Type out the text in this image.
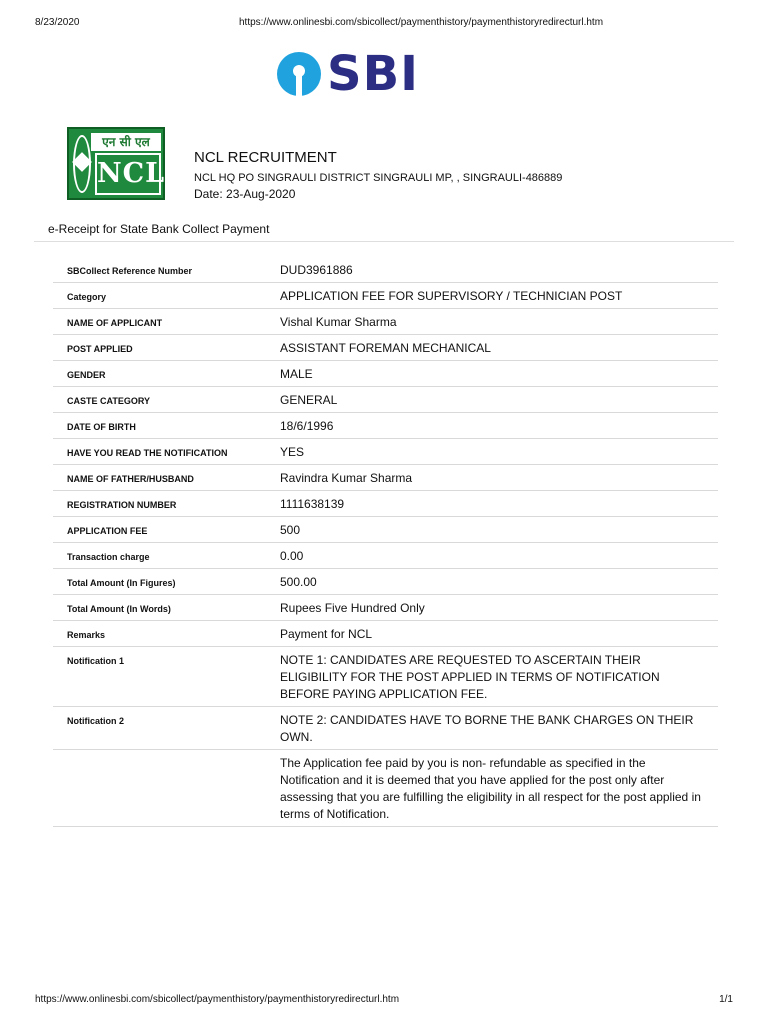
8/23/2020	https://www.onlinesbi.com/sbicollect/paymenthistory/paymenthistoryredirecturl.htm
SBI
एन सी एल
NCL
NCL RECRUITMENT
NCL HQ PO SINGRAULI DISTRICT SINGRAULI MP, , SINGRAULI-486889
Date: 23-Aug-2020
e-Receipt for State Bank Collect Payment
SBCollect Reference Number	DUD3961886
Category	APPLICATION FEE FOR SUPERVISORY / TECHNICIAN POST
NAME OF APPLICANT	Vishal Kumar Sharma
POST APPLIED	ASSISTANT FOREMAN MECHANICAL
GENDER	MALE
CASTE CATEGORY	GENERAL
DATE OF BIRTH	18/6/1996
HAVE YOU READ THE NOTIFICATION	YES
NAME OF FATHER/HUSBAND	Ravindra Kumar Sharma
REGISTRATION NUMBER	1111638139
APPLICATION FEE	500
Transaction charge	0.00
Total Amount (In Figures)	500.00
Total Amount (In Words)	Rupees Five Hundred Only
Remarks	Payment for NCL
Notification 1	NOTE 1: CANDIDATES ARE REQUESTED TO ASCERTAIN THEIR ELIGIBILITY FOR THE POST APPLIED IN TERMS OF NOTIFICATION BEFORE PAYING APPLICATION FEE.
Notification 2	NOTE 2: CANDIDATES HAVE TO BORNE THE BANK CHARGES ON THEIR OWN.
	The Application fee paid by you is non- refundable as specified in the Notification and it is deemed that you have applied for the post only after assessing that you are fulfilling the eligibility in all respect for the post applied in terms of Notification.
https://www.onlinesbi.com/sbicollect/paymenthistory/paymenthistoryredirecturl.htm	1/1
